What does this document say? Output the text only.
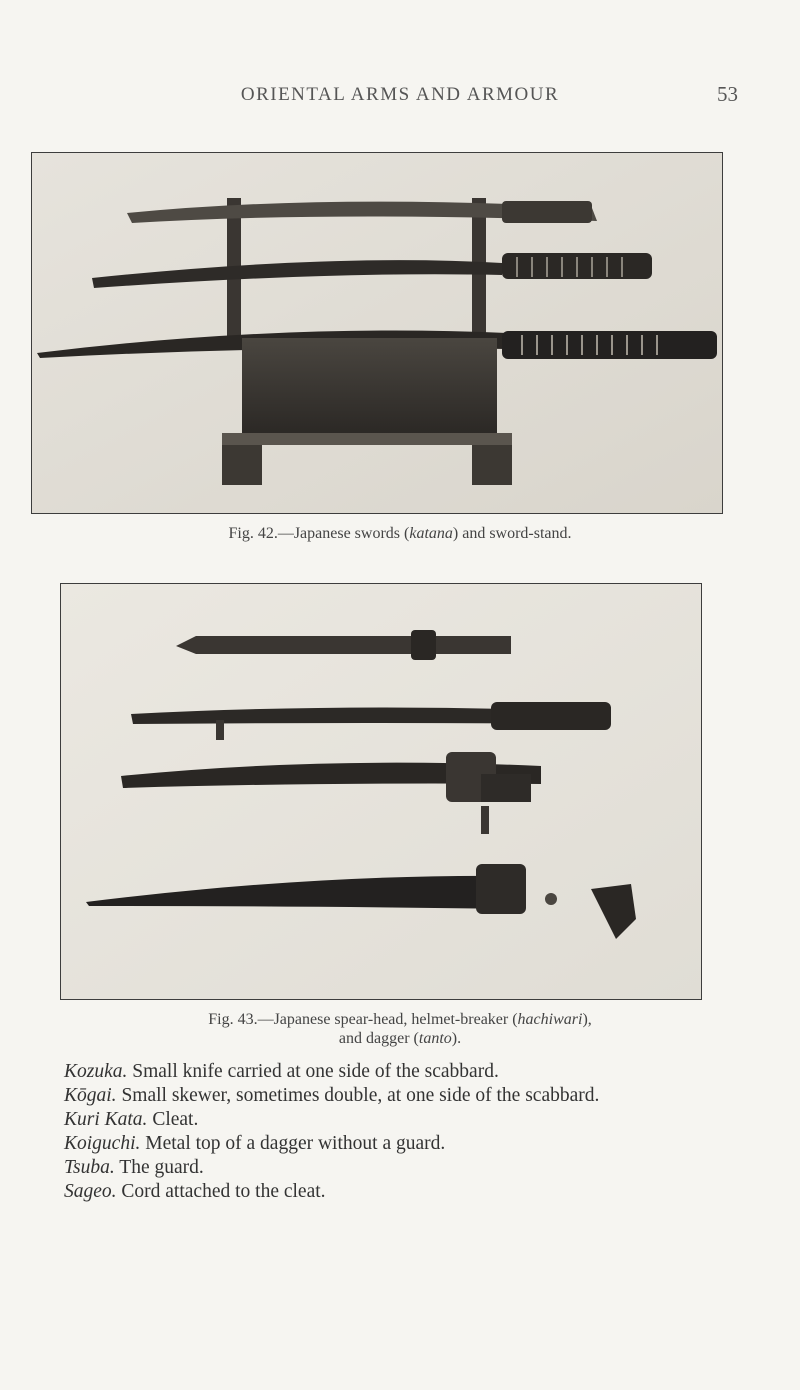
ORIENTAL ARMS AND ARMOUR	53
Fig. 42.—Japanese swords (katana) and sword-stand.
Fig. 43.—Japanese spear-head, helmet-breaker (hachiwari),
and dagger (tanto).

Kozuka. Small knife carried at one side of the scabbard.

Kōgai. Small skewer, sometimes double, at one side of the scabbard.

Kuri Kata. Cleat.

Koiguchi. Metal top of a dagger without a guard.

Tsuba. The guard.

Sageo. Cord attached to the cleat.
